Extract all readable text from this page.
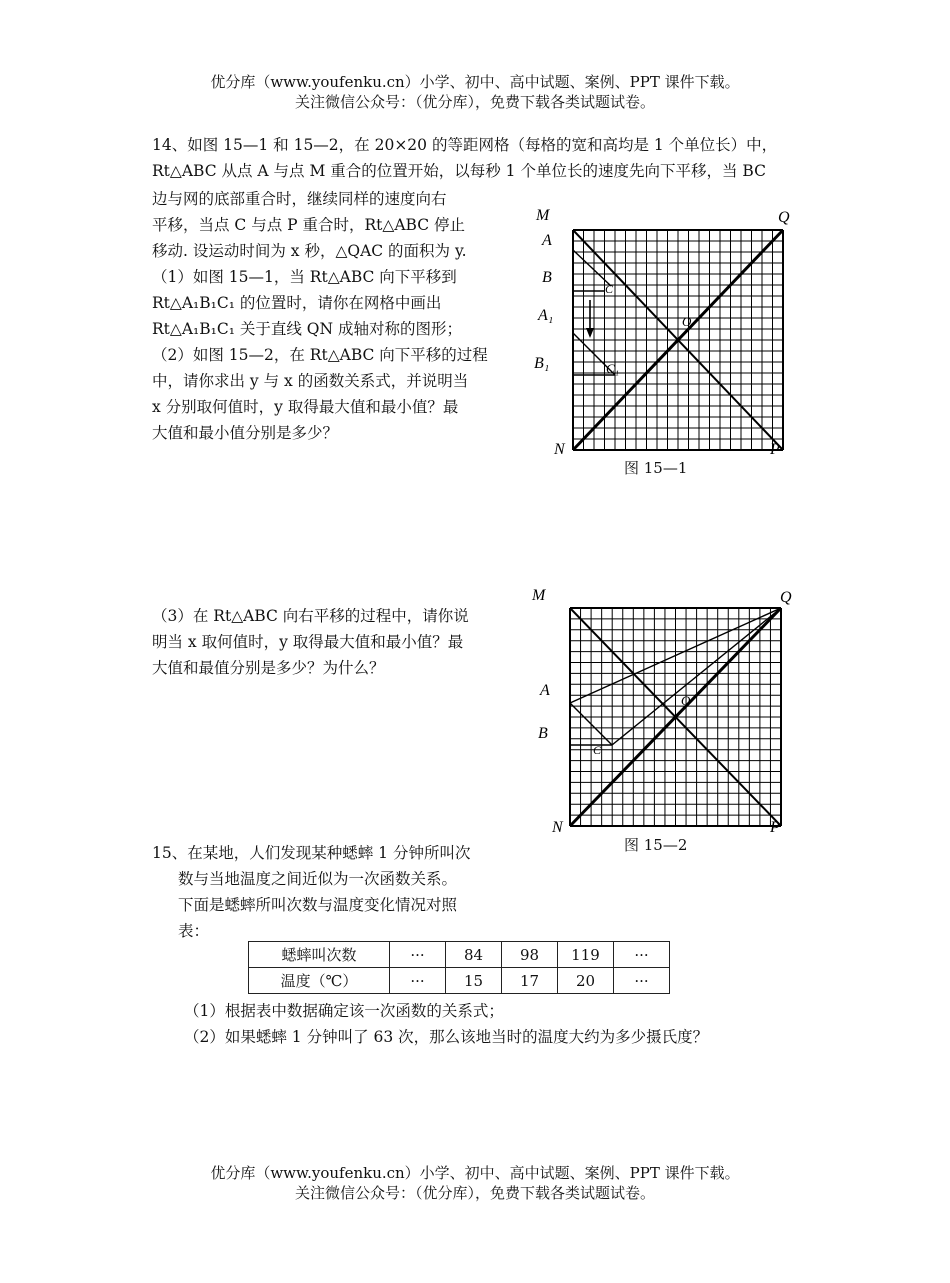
优分库（www.youfenku.cn）小学、初中、高中试题、案例、PPT 课件下载。
关注微信公众号：（优分库），免费下载各类试题试卷。
14、如图 15—1 和 15—2，在 20×20 的等距网格（每格的宽和高均是 1 个单位长）中，
Rt△ABC 从点 A 与点 M 重合的位置开始，以每秒 1 个单位长的速度先向下平移，当 BC
边与网的底部重合时，继续同样的速度向右
平移，当点 C 与点 P 重合时，Rt△ABC 停止
移动. 设运动时间为 x 秒，△QAC 的面积为 y.
（1）如图 15—1，当 Rt△ABC 向下平移到
Rt△A₁B₁C₁ 的位置时，请你在网格中画出
Rt△A₁B₁C₁ 关于直线 QN 成轴对称的图形；
（2）如图 15—2，在 Rt△ABC 向下平移的过程
中，请你求出 y 与 x 的函数关系式，并说明当
x 分别取何值时，y 取得最大值和最小值？最
大值和最小值分别是多少？
（3）在 Rt△ABC 向右平移的过程中，请你说
明当 x 取何值时，y 取得最大值和最小值？最
大值和最值分别是多少？为什么？
M	Q
A
B
A₁
B₁
N	P
C
C₁
O
图 15—1
M	Q
A
B
N	P
C
O
图 15—2
15、在某地，人们发现某种蟋蟀 1 分钟所叫次
数与当地温度之间近似为一次函数关系。
下面是蟋蟀所叫次数与温度变化情况对照
表：
蟋蟀叫次数	···	84	98	119	···
温度（℃）	···	15	17	20	···
（1）根据表中数据确定该一次函数的关系式；
（2）如果蟋蟀 1 分钟叫了 63 次，那么该地当时的温度大约为多少摄氏度？
优分库（www.youfenku.cn）小学、初中、高中试题、案例、PPT 课件下载。
关注微信公众号：（优分库），免费下载各类试题试卷。
